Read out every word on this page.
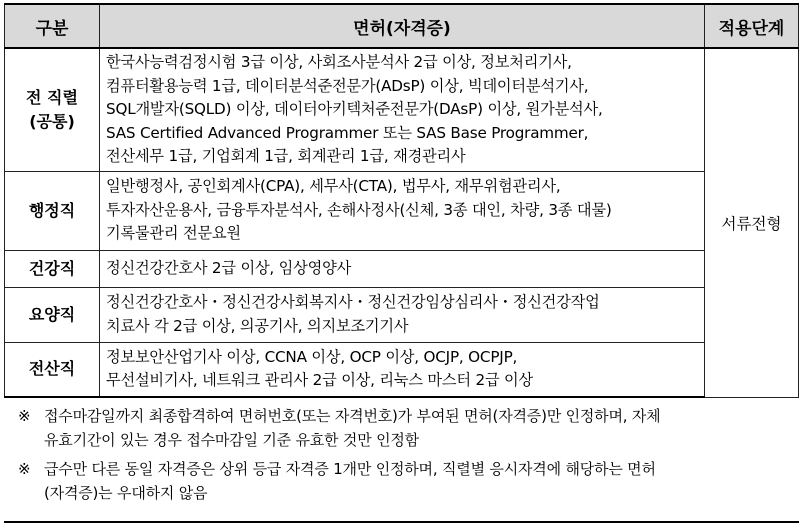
구분	면허(자격증)	적용단계
전 직렬
(공통)	한국사능력검정시험 3급 이상, 사회조사분석사 2급 이상, 정보처리기사,
컴퓨터활용능력 1급, 데이터분석준전문가(ADsP) 이상, 빅데이터분석기사,
SQL개발자(SQLD) 이상, 데이터아키텍처준전문가(DAsP) 이상, 원가분석사,
SAS Certified Advanced Programmer 또는 SAS Base Programmer,
전산세무 1급, 기업회계 1급, 회계관리 1급, 재경관리사	서류전형
행정직	일반행정사, 공인회계사(CPA), 세무사(CTA), 법무사, 재무위험관리사,
투자자산운용사, 금융투자분석사, 손해사정사(신체, 3종 대인, 차량, 3종 대물)
기록물관리 전문요원	

건강직	정신건강간호사 2급 이상, 임상영양사	

요양직	정신건강간호사・정신건강사회복지사・정신건강임상심리사・정신건강작업
치료사 각 2급 이상, 의공기사, 의지보조기기사	

전산직	정보보안산업기사 이상, CCNA 이상, OCP 이상, OCJP, OCPJP,
무선설비기사, 네트워크 관리사 2급 이상, 리눅스 마스터 2급 이상	
※ 접수마감일까지 최종합격하여 면허번호(또는 자격번호)가 부여된 면허(자격증)만 인정하며, 자체
유효기간이 있는 경우 접수마감일 기준 유효한 것만 인정함
※ 급수만 다른 동일 자격증은 상위 등급 자격증 1개만 인정하며, 직렬별 응시자격에 해당하는 면허
(자격증)는 우대하지 않음
